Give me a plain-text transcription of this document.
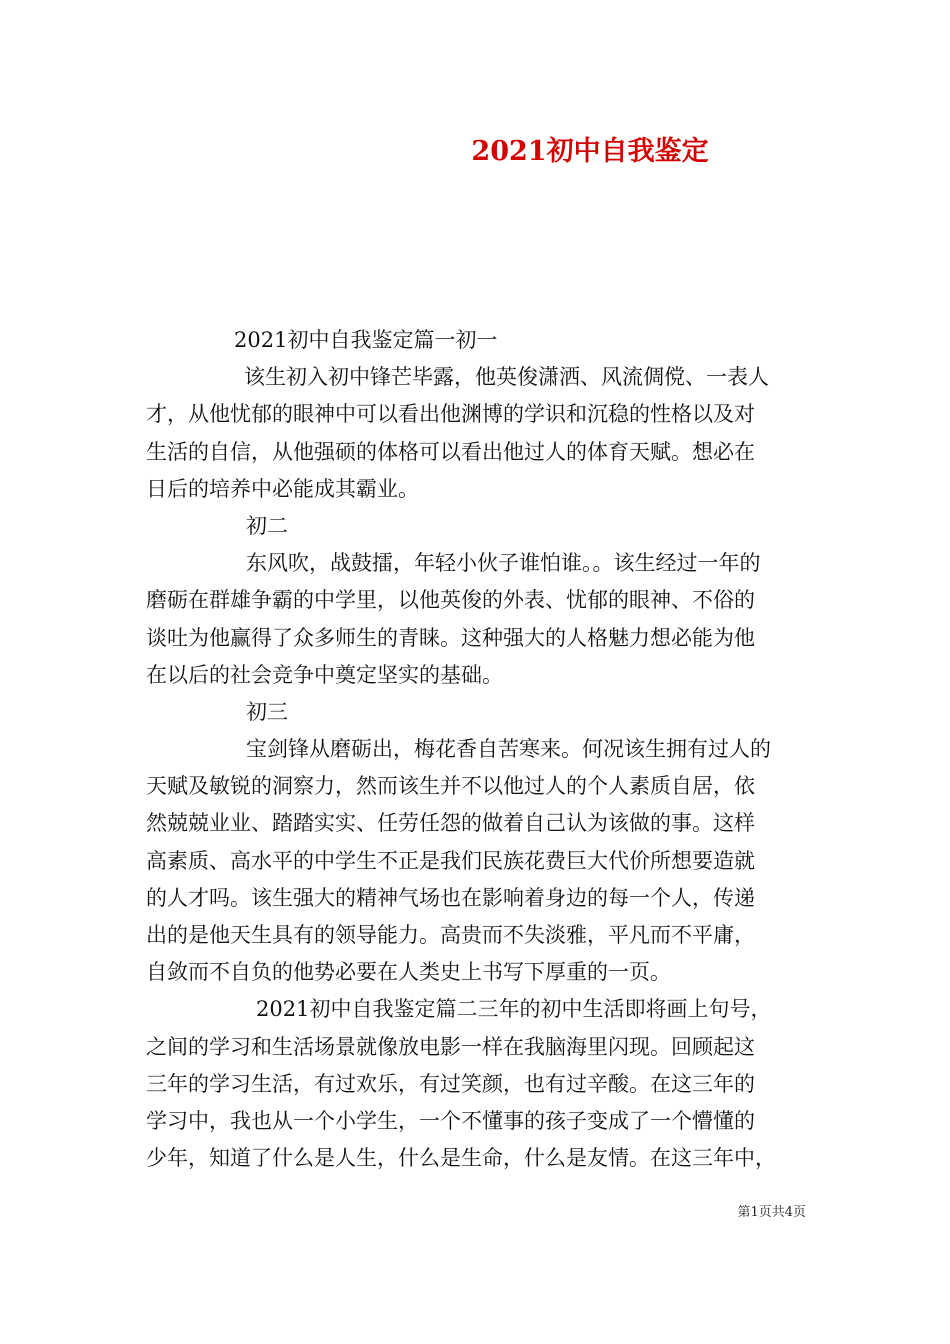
2021初中自我鉴定
2021初中自我鉴定篇一初一
该生初入初中锋芒毕露，他英俊潇洒、风流倜傥、一表人
才，从他忧郁的眼神中可以看出他渊博的学识和沉稳的性格以及对
生活的自信，从他强硕的体格可以看出他过人的体育天赋。想必在
日后的培养中必能成其霸业。
初二
东风吹，战鼓擂，年轻小伙子谁怕谁。。该生经过一年的
磨砺在群雄争霸的中学里，以他英俊的外表、忧郁的眼神、不俗的
谈吐为他赢得了众多师生的青睐。这种强大的人格魅力想必能为他
在以后的社会竞争中奠定坚实的基础。
初三
宝剑锋从磨砺出，梅花香自苦寒来。何况该生拥有过人的
天赋及敏锐的洞察力，然而该生并不以他过人的个人素质自居，依
然兢兢业业、踏踏实实、任劳任怨的做着自己认为该做的事。这样
高素质、高水平的中学生不正是我们民族花费巨大代价所想要造就
的人才吗。该生强大的精神气场也在影响着身边的每一个人，传递
出的是他天生具有的领导能力。高贵而不失淡雅，平凡而不平庸，
自敛而不自负的他势必要在人类史上书写下厚重的一页。
2021初中自我鉴定篇二三年的初中生活即将画上句号，
之间的学习和生活场景就像放电影一样在我脑海里闪现。回顾起这
三年的学习生活，有过欢乐，有过笑颜，也有过辛酸。在这三年的
学习中，我也从一个小学生，一个不懂事的孩子变成了一个懵懂的
少年，知道了什么是人生，什么是生命，什么是友情。在这三年中，
第1页共4页
